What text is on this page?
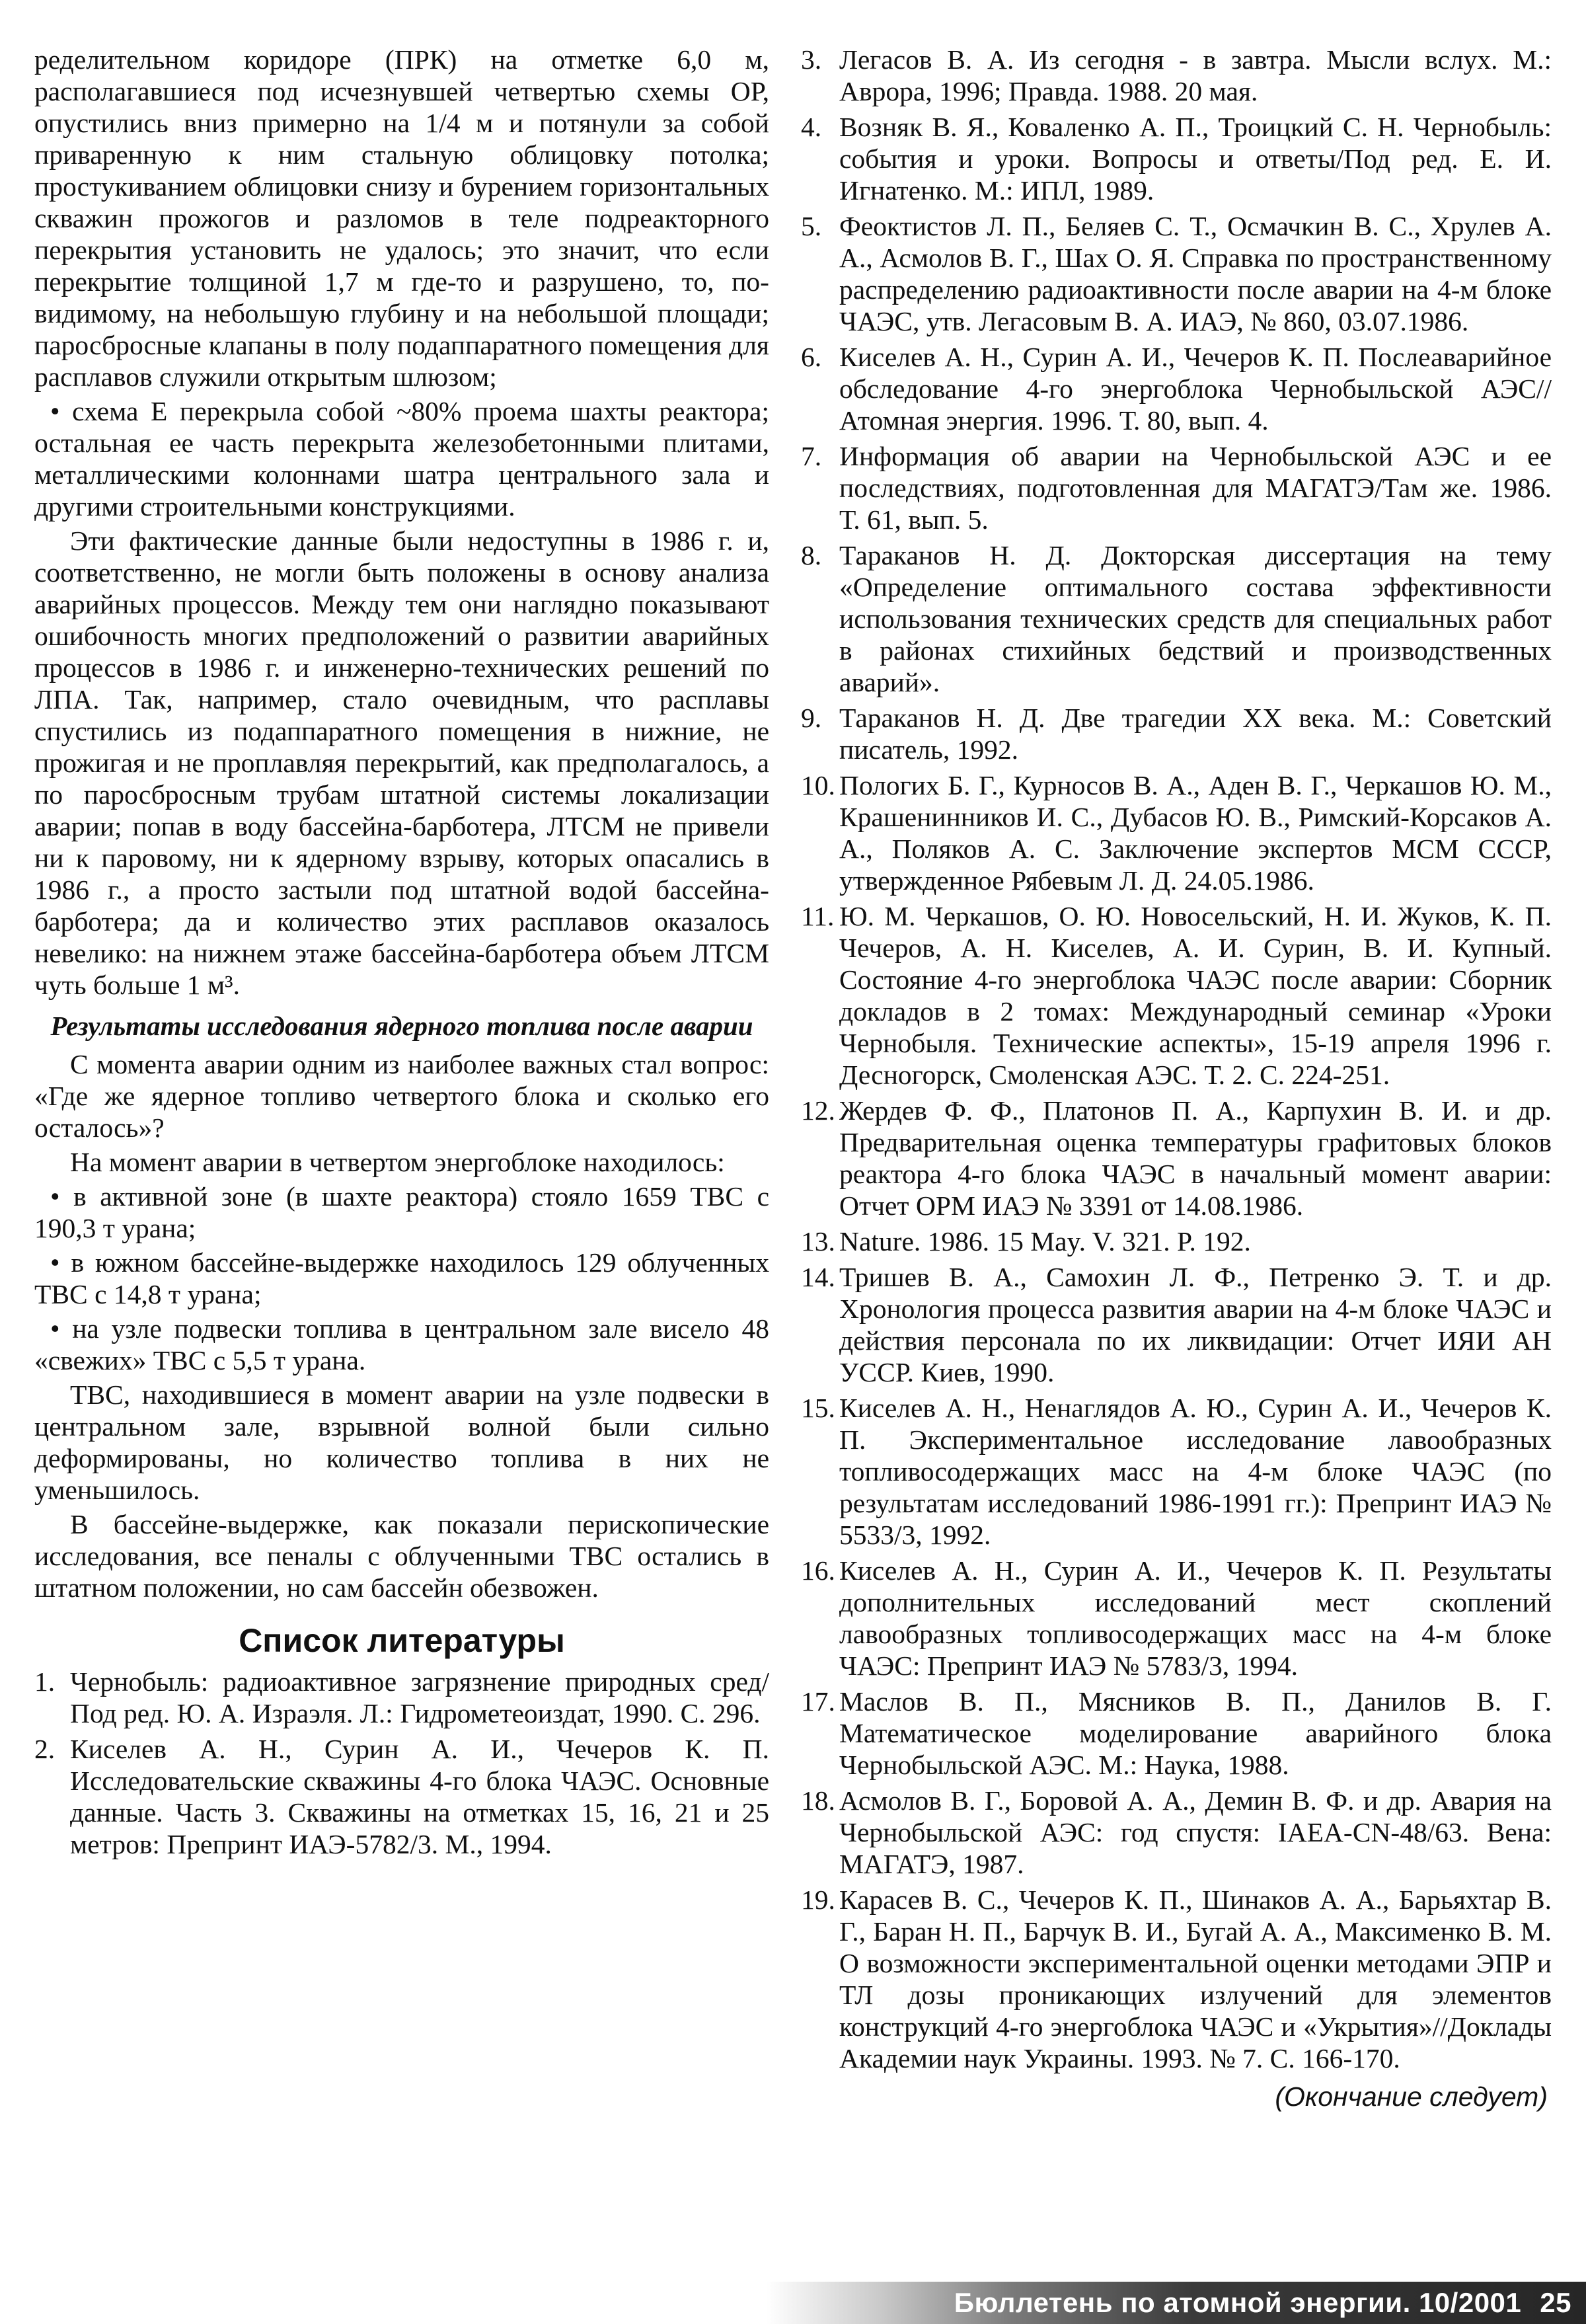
ределительном коридоре (ПРК) на отметке 6,0 м, располагавшиеся под исчезнувшей четвертью схемы ОР, опустились вниз примерно на 1/4 м и потянули за собой приваренную к ним стальную облицовку потолка; простукиванием облицовки снизу и бурением горизонтальных скважин прожогов и разломов в теле подреакторного перекрытия установить не удалось; это значит, что если перекрытие толщиной 1,7 м где-то и разрушено, то, по-видимому, на небольшую глубину и на небольшой площади; паросбросные клапаны в полу подаппаратного помещения для расплавов служили открытым шлюзом;

• схема Е перекрыла собой ~80% проема шахты реактора; остальная ее часть перекрыта железобетонными плитами, металлическими колоннами шатра центрального зала и другими строительными конструкциями.

Эти фактические данные были недоступны в 1986 г. и, соответственно, не могли быть положены в основу анализа аварийных процессов. Между тем они наглядно показывают ошибочность многих предположений о развитии аварийных процессов в 1986 г. и инженерно-технических решений по ЛПА. Так, например, стало очевидным, что расплавы спустились из подаппаратного помещения в нижние, не прожигая и не проплавляя перекрытий, как предполагалось, а по паросбросным трубам штатной системы локализации аварии; попав в воду бассейна-барботера, ЛТСМ не привели ни к паровому, ни к ядерному взрыву, которых опасались в 1986 г., а просто застыли под штатной водой бассейна-барботера; да и количество этих расплавов оказалось невелико: на нижнем этаже бассейна-барботера объем ЛТСМ чуть больше 1 м³.

Результаты исследования ядерного топлива после аварии

С момента аварии одним из наиболее важных стал вопрос: «Где же ядерное топливо четвертого блока и сколько его осталось»?

На момент аварии в четвертом энергоблоке находилось:

• в активной зоне (в шахте реактора) стояло 1659 ТВС с 190,3 т урана;

• в южном бассейне-выдержке находилось 129 облученных ТВС с 14,8 т урана;

• на узле подвески топлива в центральном зале висело 48 «свежих» ТВС с 5,5 т урана.

ТВС, находившиеся в момент аварии на узле подвески в центральном зале, взрывной волной были сильно деформированы, но количество топлива в них не уменьшилось.

В бассейне-выдержке, как показали перископические исследования, все пеналы с облученными ТВС остались в штатном положении, но сам бассейн обезвожен.

Список литературы
1. Чернобыль: радиоактивное загрязнение природных сред/Под ред. Ю. А. Израэля. Л.: Гидрометеоиздат, 1990. С. 296.
2. Киселев А. Н., Сурин А. И., Чечеров К. П. Исследовательские скважины 4-го блока ЧАЭС. Основные данные. Часть 3. Скважины на отметках 15, 16, 21 и 25 метров: Препринт ИАЭ-5782/3. М., 1994.
3. Легасов В. А. Из сегодня - в завтра. Мысли вслух. М.: Аврора, 1996; Правда. 1988. 20 мая.
4. Возняк В. Я., Коваленко А. П., Троицкий С. Н. Чернобыль: события и уроки. Вопросы и ответы/Под ред. Е. И. Игнатенко. М.: ИПЛ, 1989.
5. Феоктистов Л. П., Беляев С. Т., Осмачкин В. С., Хрулев А. А., Асмолов В. Г., Шах О. Я. Справка по пространственному распределению радиоактивности после аварии на 4-м блоке ЧАЭС, утв. Легасовым В. А. ИАЭ, № 860, 03.07.1986.
6. Киселев А. Н., Сурин А. И., Чечеров К. П. Послеаварийное обследование 4-го энергоблока Чернобыльской АЭС//Атомная энергия. 1996. Т. 80, вып. 4.
7. Информация об аварии на Чернобыльской АЭС и ее последствиях, подготовленная для МАГАТЭ/Там же. 1986. Т. 61, вып. 5.
8. Тараканов Н. Д. Докторская диссертация на тему «Определение оптимального состава эффективности использования технических средств для специальных работ в районах стихийных бедствий и производственных аварий».
9. Тараканов Н. Д. Две трагедии XX века. М.: Советский писатель, 1992.
10. Пологих Б. Г., Курносов В. А., Аден В. Г., Черкашов Ю. М., Крашенинников И. С., Дубасов Ю. В., Римский-Корсаков А. А., Поляков А. С. Заключение экспертов МСМ СССР, утвержденное Рябевым Л. Д. 24.05.1986.
11. Ю. М. Черкашов, О. Ю. Новосельский, Н. И. Жуков, К. П. Чечеров, А. Н. Киселев, А. И. Сурин, В. И. Купный. Состояние 4-го энергоблока ЧАЭС после аварии: Сборник докладов в 2 томах: Международный семинар «Уроки Чернобыля. Технические аспекты», 15-19 апреля 1996 г. Десногорск, Смоленская АЭС. Т. 2. С. 224-251.
12. Жердев Ф. Ф., Платонов П. А., Карпухин В. И. и др. Предварительная оценка температуры графитовых блоков реактора 4-го блока ЧАЭС в начальный момент аварии: Отчет ОРМ ИАЭ № 3391 от 14.08.1986.
13. Nature. 1986. 15 May. V. 321. P. 192.
14. Тришев В. А., Самохин Л. Ф., Петренко Э. Т. и др. Хронология процесса развития аварии на 4-м блоке ЧАЭС и действия персонала по их ликвидации: Отчет ИЯИ АН УССР. Киев, 1990.
15. Киселев А. Н., Ненаглядов А. Ю., Сурин А. И., Чечеров К. П. Экспериментальное исследование лавообразных топливосодержащих масс на 4-м блоке ЧАЭС (по результатам исследований 1986-1991 гг.): Препринт ИАЭ № 5533/3, 1992.
16. Киселев А. Н., Сурин А. И., Чечеров К. П. Результаты дополнительных исследований мест скоплений лавообразных топливосодержащих масс на 4-м блоке ЧАЭС: Препринт ИАЭ № 5783/3, 1994.
17. Маслов В. П., Мясников В. П., Данилов В. Г. Математическое моделирование аварийного блока Чернобыльской АЭС. М.: Наука, 1988.
18. Асмолов В. Г., Боровой А. А., Демин В. Ф. и др. Авария на Чернобыльской АЭС: год спустя: IAEA-CN-48/63. Вена: МАГАТЭ, 1987.
19. Карасев В. С., Чечеров К. П., Шинаков А. А., Барьяхтар В. Г., Баран Н. П., Барчук В. И., Бугай А. А., Максименко В. М. О возможности экспериментальной оценки методами ЭПР и ТЛ дозы проникающих излучений для элементов конструкций 4-го энергоблока ЧАЭС и «Укрытия»//Доклады Академии наук Украины. 1993. № 7. С. 166-170.
(Окончание следует)
Бюллетень по атомной энергии. 10/2001 25
